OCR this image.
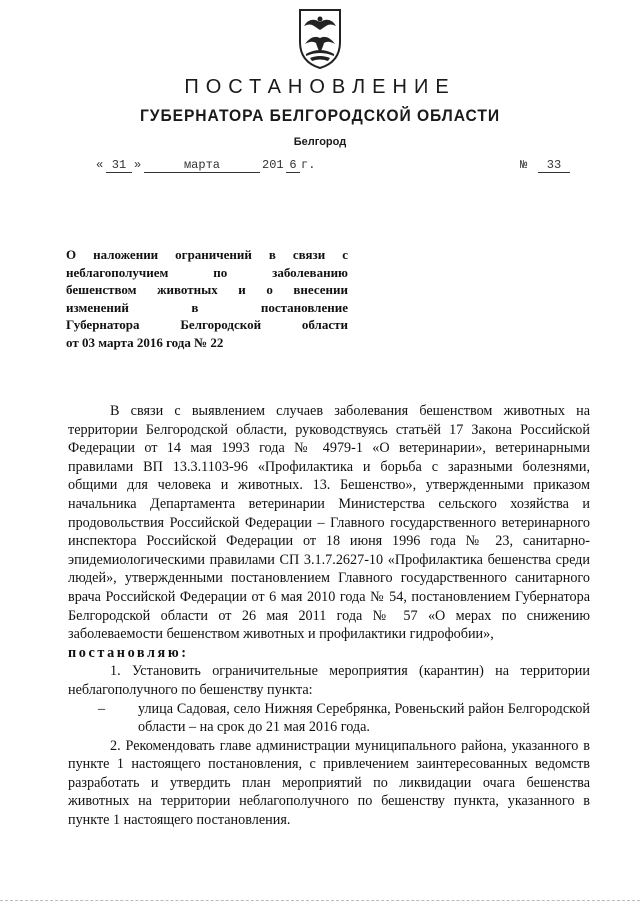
ПОСТАНОВЛЕНИЕ
ГУБЕРНАТОРА БЕЛГОРОДСКОЙ ОБЛАСТИ
Белгород
« 31 »	марта	201 6 г.	№	33
О наложении ограничений в связи с
неблагополучием по заболеванию
бешенством животных и о внесении
изменений в постановление
Губернатора Белгородской области
от 03 марта 2016 года № 22

В связи с выявлением случаев заболевания бешенством животных на территории Белгородской области, руководствуясь статьёй 17 Закона Российской Федерации от 14 мая 1993 года № 4979-1 «О ветеринарии», ветеринарными правилами ВП 13.3.1103-96 «Профилактика и борьба с заразными болезнями, общими для человека и животных. 13. Бешенство», утвержденными приказом начальника Департамента ветеринарии Министерства сельского хозяйства и продовольствия Российской Федерации – Главного государственного ветеринарного инспектора Российской Федерации от 18 июня 1996 года № 23, санитарно-эпидемиологическими правилами СП 3.1.7.2627-10 «Профилактика бешенства среди людей», утвержденными постановлением Главного государственного санитарного врача Российской Федерации от 6 мая 2010 года № 54, постановлением Губернатора Белгородской области от 26 мая 2011 года № 57 «О мерах по снижению заболеваемости бешенством животных и профилактики гидрофобии»,

постановляю:

1. Установить ограничительные мероприятия (карантин) на территории неблагополучного по бешенству пункта:

–	улица Садовая, село Нижняя Серебрянка, Ровеньский район Белгородской области – на срок до 21 мая 2016 года.

2. Рекомендовать главе администрации муниципального района, указанного в пункте 1 настоящего постановления, с привлечением заинтересованных ведомств разработать и утвердить план мероприятий по ликвидации очага бешенства животных на территории неблагополучного по бешенству пункта, указанного в пункте 1 настоящего постановления.
